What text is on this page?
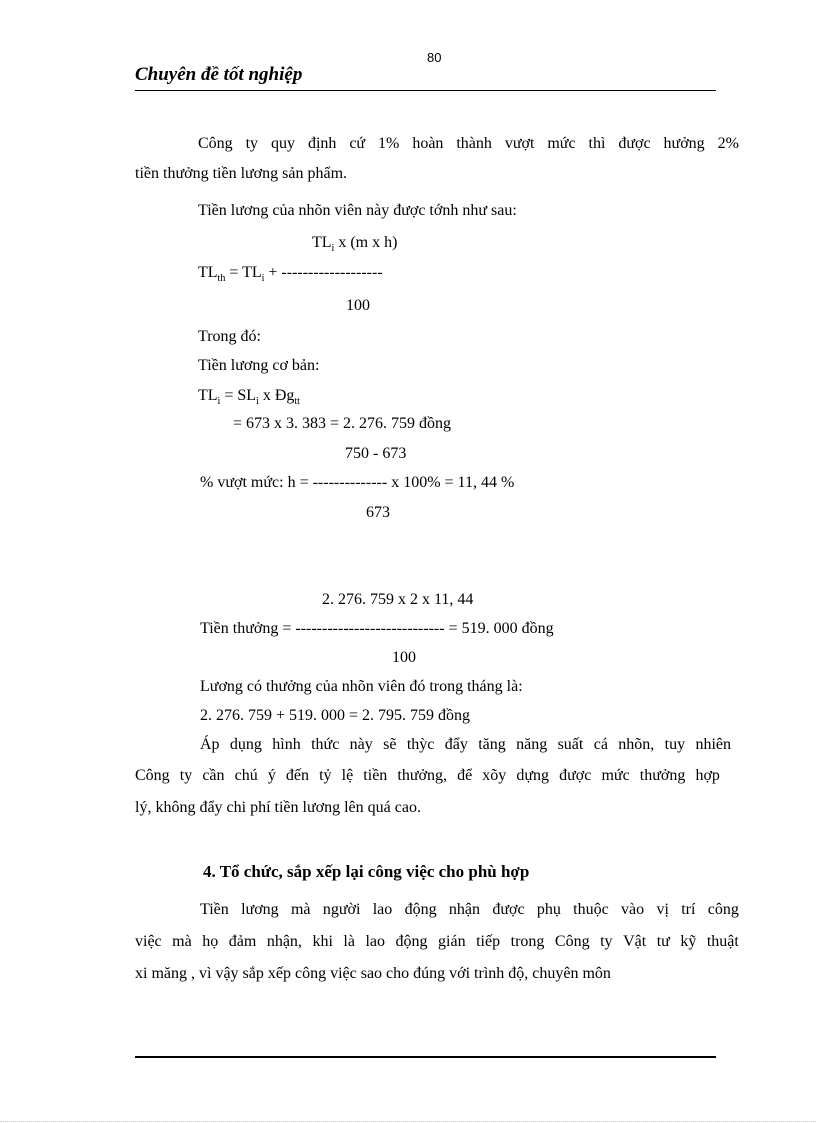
80
Chuyên đề tốt nghiệp
Công ty quy định cứ 1% hoàn thành vượt mức thì được hưởng 2%
tiền thưởng tiền lương sản phẩm.
Tiền lương của nhõn viên này được tớnh như sau:
$TL_i$ x (m x h)
$TL_{th} = TL_i$ + -------------------
100
Trong đó:
Tiền lương cơ bản:
$TL_i = SL_i$ x $Đg_{tt}$
= 673 x 3. 383 = 2. 276. 759 đồng
750 - 673
% vượt mức: h = -------------- x 100% = 11, 44 %
673
2. 276. 759 x 2 x 11, 44
Tiền thưởng = ---------------------------- = 519. 000 đồng
100
Lương có thưởng của nhõn viên đó trong tháng là:
2. 276. 759 + 519. 000 = 2. 795. 759 đồng
Áp dụng hình thức này sẽ thỳc đẩy tăng năng suất cá nhõn, tuy nhiên
Công ty cần chú ý đến tỷ lệ tiền thưởng, để xõy dựng được mức thưởng hợp
lý, không đẩy chi phí tiền lương lên quá cao.
4. Tổ chức, sắp xếp lại công việc cho phù hợp
Tiền lương mà người lao động nhận được phụ thuộc vào vị trí công
việc mà họ đảm nhận, khi là lao động gián tiếp trong Công ty Vật tư kỹ thuật
xi măng , vì vậy sắp xếp công việc sao cho đúng với trình độ, chuyên môn
